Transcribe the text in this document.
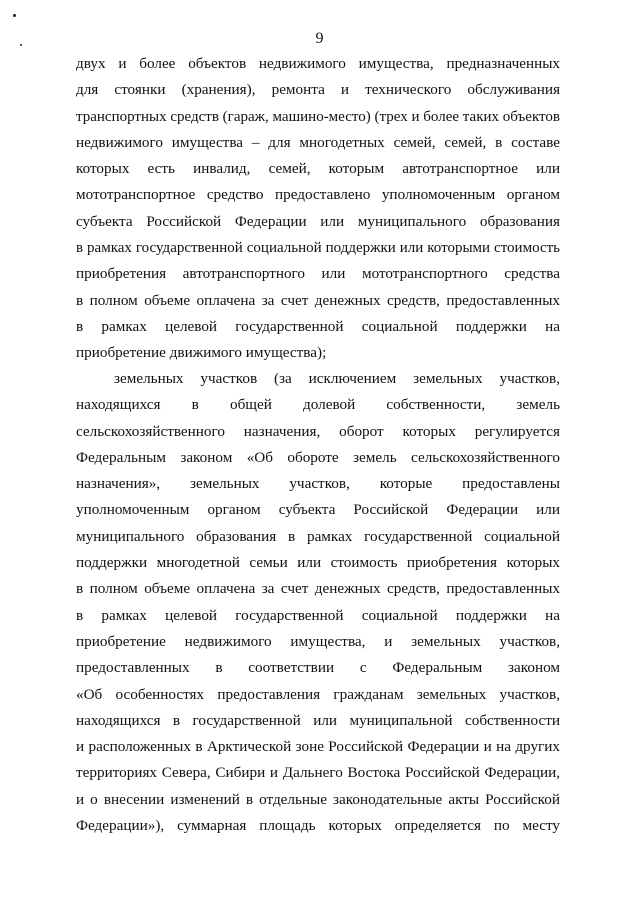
9
двух и более объектов недвижимого имущества, предназначенных
для стоянки (хранения), ремонта и технического обслуживания
транспортных средств (гараж, машино-место) (трех и более таких объектов
недвижимого имущества – для многодетных семей, семей, в составе
которых есть инвалид, семей, которым автотранспортное или
мототранспортное средство предоставлено уполномоченным органом
субъекта Российской Федерации или муниципального образования
в рамках государственной социальной поддержки или которыми стоимость
приобретения автотранспортного или мототранспортного средства
в полном объеме оплачена за счет денежных средств, предоставленных
в рамках целевой государственной социальной поддержки на
приобретение движимого имущества);
земельных участков (за исключением земельных участков,
находящихся в общей долевой собственности, земель
сельскохозяйственного назначения, оборот которых регулируется
Федеральным законом «Об обороте земель сельскохозяйственного
назначения», земельных участков, которые предоставлены
уполномоченным органом субъекта Российской Федерации или
муниципального образования в рамках государственной социальной
поддержки многодетной семьи или стоимость приобретения которых
в полном объеме оплачена за счет денежных средств, предоставленных
в рамках целевой государственной социальной поддержки на
приобретение недвижимого имущества, и земельных участков,
предоставленных в соответствии с Федеральным законом
«Об особенностях предоставления гражданам земельных участков,
находящихся в государственной или муниципальной собственности
и расположенных в Арктической зоне Российской Федерации и на других
территориях Севера, Сибири и Дальнего Востока Российской Федерации,
и о внесении изменений в отдельные законодательные акты Российской
Федерации»), суммарная площадь которых определяется по месту
